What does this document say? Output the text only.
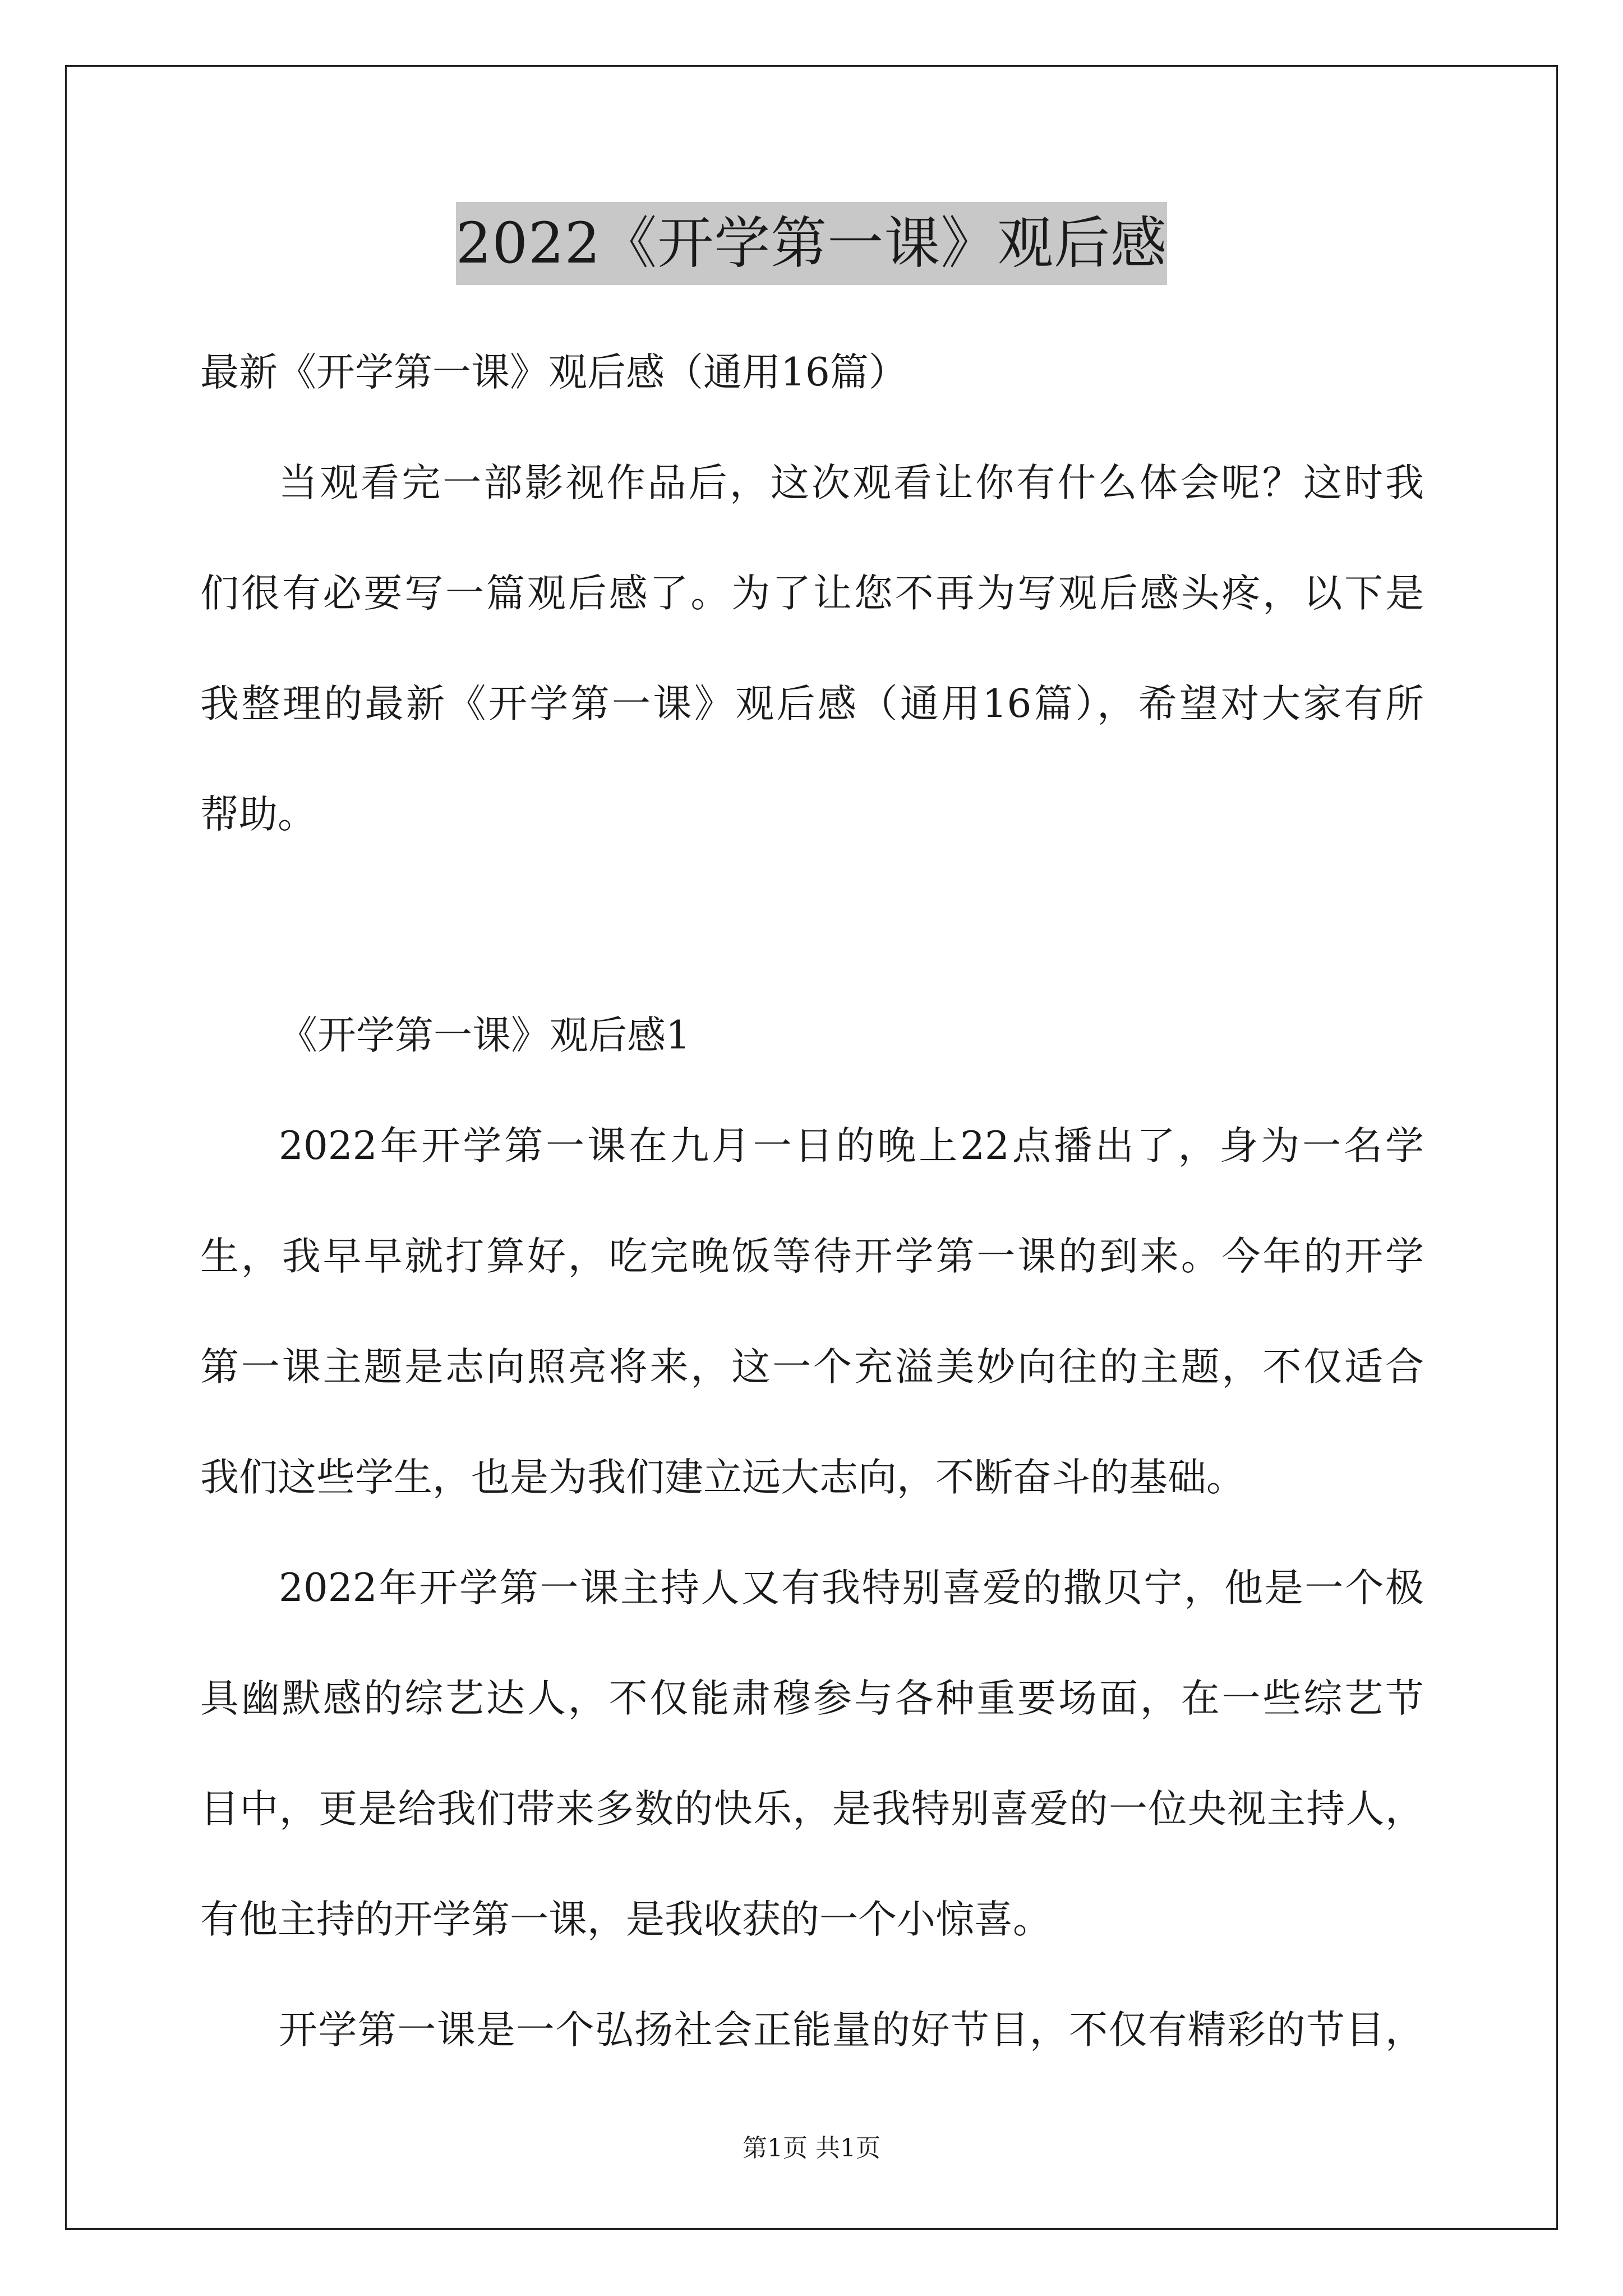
2022《开学第一课》观后感
最新《开学第一课》观后感（通用16篇）
当观看完一部影视作品后，这次观看让你有什么体会呢？这时我
们很有必要写一篇观后感了。为了让您不再为写观后感头疼，以下是
我整理的最新《开学第一课》观后感（通用16篇），希望对大家有所
帮助。
《开学第一课》观后感1
2022年开学第一课在九月一日的晚上22点播出了，身为一名学
生，我早早就打算好，吃完晚饭等待开学第一课的到来。今年的开学
第一课主题是志向照亮将来，这一个充溢美妙向往的主题，不仅适合
我们这些学生，也是为我们建立远大志向，不断奋斗的基础。
2022年开学第一课主持人又有我特别喜爱的撒贝宁，他是一个极
具幽默感的综艺达人，不仅能肃穆参与各种重要场面，在一些综艺节
目中，更是给我们带来多数的快乐，是我特别喜爱的一位央视主持人，
有他主持的开学第一课，是我收获的一个小惊喜。
开学第一课是一个弘扬社会正能量的好节目，不仅有精彩的节目，
第1页 共1页
